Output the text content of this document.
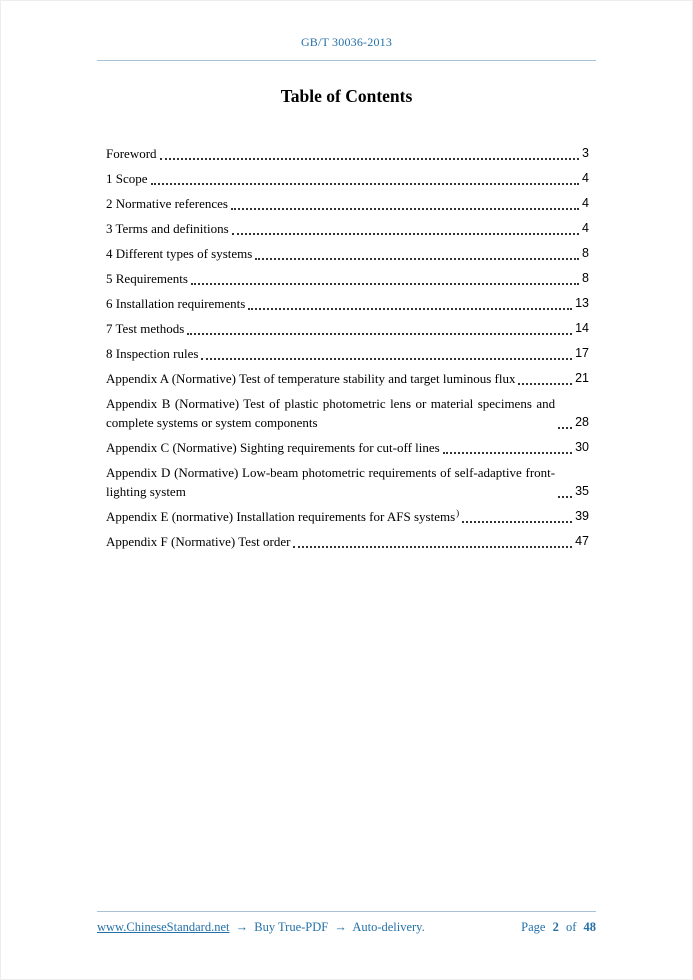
GB/T 30036-2013
Table of Contents
Foreword	3
1 Scope	4
2 Normative references	4
3 Terms and definitions	4
4 Different types of systems	8
5 Requirements	8
6 Installation requirements	13
7 Test methods	14
8 Inspection rules	17
Appendix A (Normative) Test of temperature stability and target luminous flux	21
Appendix B (Normative) Test of plastic photometric lens or material specimens and complete systems or system components	28
Appendix C (Normative) Sighting requirements for cut-off lines	30
Appendix D (Normative) Low-beam photometric requirements of self-adaptive front-lighting system	35
Appendix E (normative) Installation requirements for AFS systems)	39
Appendix F (Normative) Test order	47
www.ChineseStandard.net → Buy True-PDF → Auto-delivery.	Page 2 of 48
